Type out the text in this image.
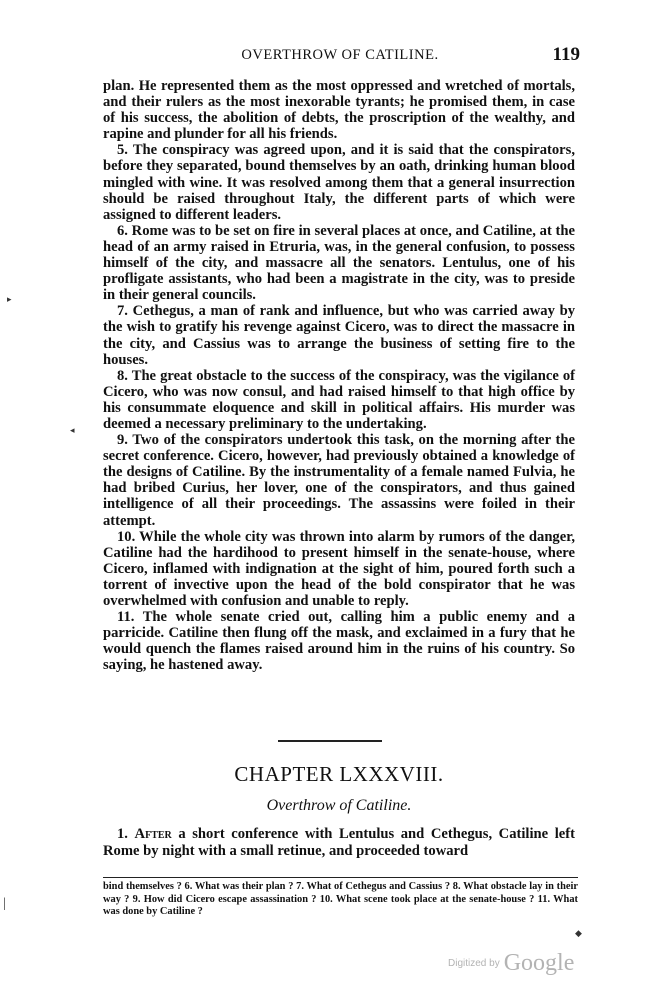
OVERTHROW OF CATILINE.	119

plan. He represented them as the most oppressed and wretched of mortals, and their rulers as the most inexorable tyrants; he promised them, in case of his success, the abolition of debts, the proscription of the wealthy, and rapine and plunder for all his friends.

5. The conspiracy was agreed upon, and it is said that the conspirators, before they separated, bound themselves by an oath, drinking human blood mingled with wine. It was resolved among them that a general insurrection should be raised throughout Italy, the different parts of which were assigned to different leaders.

6. Rome was to be set on fire in several places at once, and Catiline, at the head of an army raised in Etruria, was, in the general confusion, to possess himself of the city, and massacre all the senators. Lentulus, one of his profligate assistants, who had been a magistrate in the city, was to preside in their general councils.

7. Cethegus, a man of rank and influence, but who was carried away by the wish to gratify his revenge against Cicero, was to direct the massacre in the city, and Cassius was to arrange the business of setting fire to the houses.

8. The great obstacle to the success of the conspiracy, was the vigilance of Cicero, who was now consul, and had raised himself to that high office by his consummate eloquence and skill in political affairs. His murder was deemed a necessary preliminary to the undertaking.

9. Two of the conspirators undertook this task, on the morning after the secret conference. Cicero, however, had previously obtained a knowledge of the designs of Catiline. By the instrumentality of a female named Fulvia, he had bribed Curius, her lover, one of the conspirators, and thus gained intelligence of all their proceedings. The assassins were foiled in their attempt.

10. While the whole city was thrown into alarm by rumors of the danger, Catiline had the hardihood to present himself in the senate-house, where Cicero, inflamed with indignation at the sight of him, poured forth such a torrent of invective upon the head of the bold conspirator that he was overwhelmed with confusion and unable to reply.

11. The whole senate cried out, calling him a public enemy and a parricide. Catiline then flung off the mask, and exclaimed in a fury that he would quench the flames raised around him in the ruins of his country. So saying, he hastened away.

CHAPTER LXXXVIII.
Overthrow of Catiline.

1. After a short conference with Lentulus and Cethegus, Catiline left Rome by night with a small retinue, and proceeded toward

bind themselves ? 6. What was their plan ? 7. What of Cethegus and Cassius ? 8. What obstacle lay in their way ? 9. How did Cicero escape assassination ? 10. What scene took place at the senate-house ? 11. What was done by Catiline ?
▸
◂
|
◆
Digitized by Google
